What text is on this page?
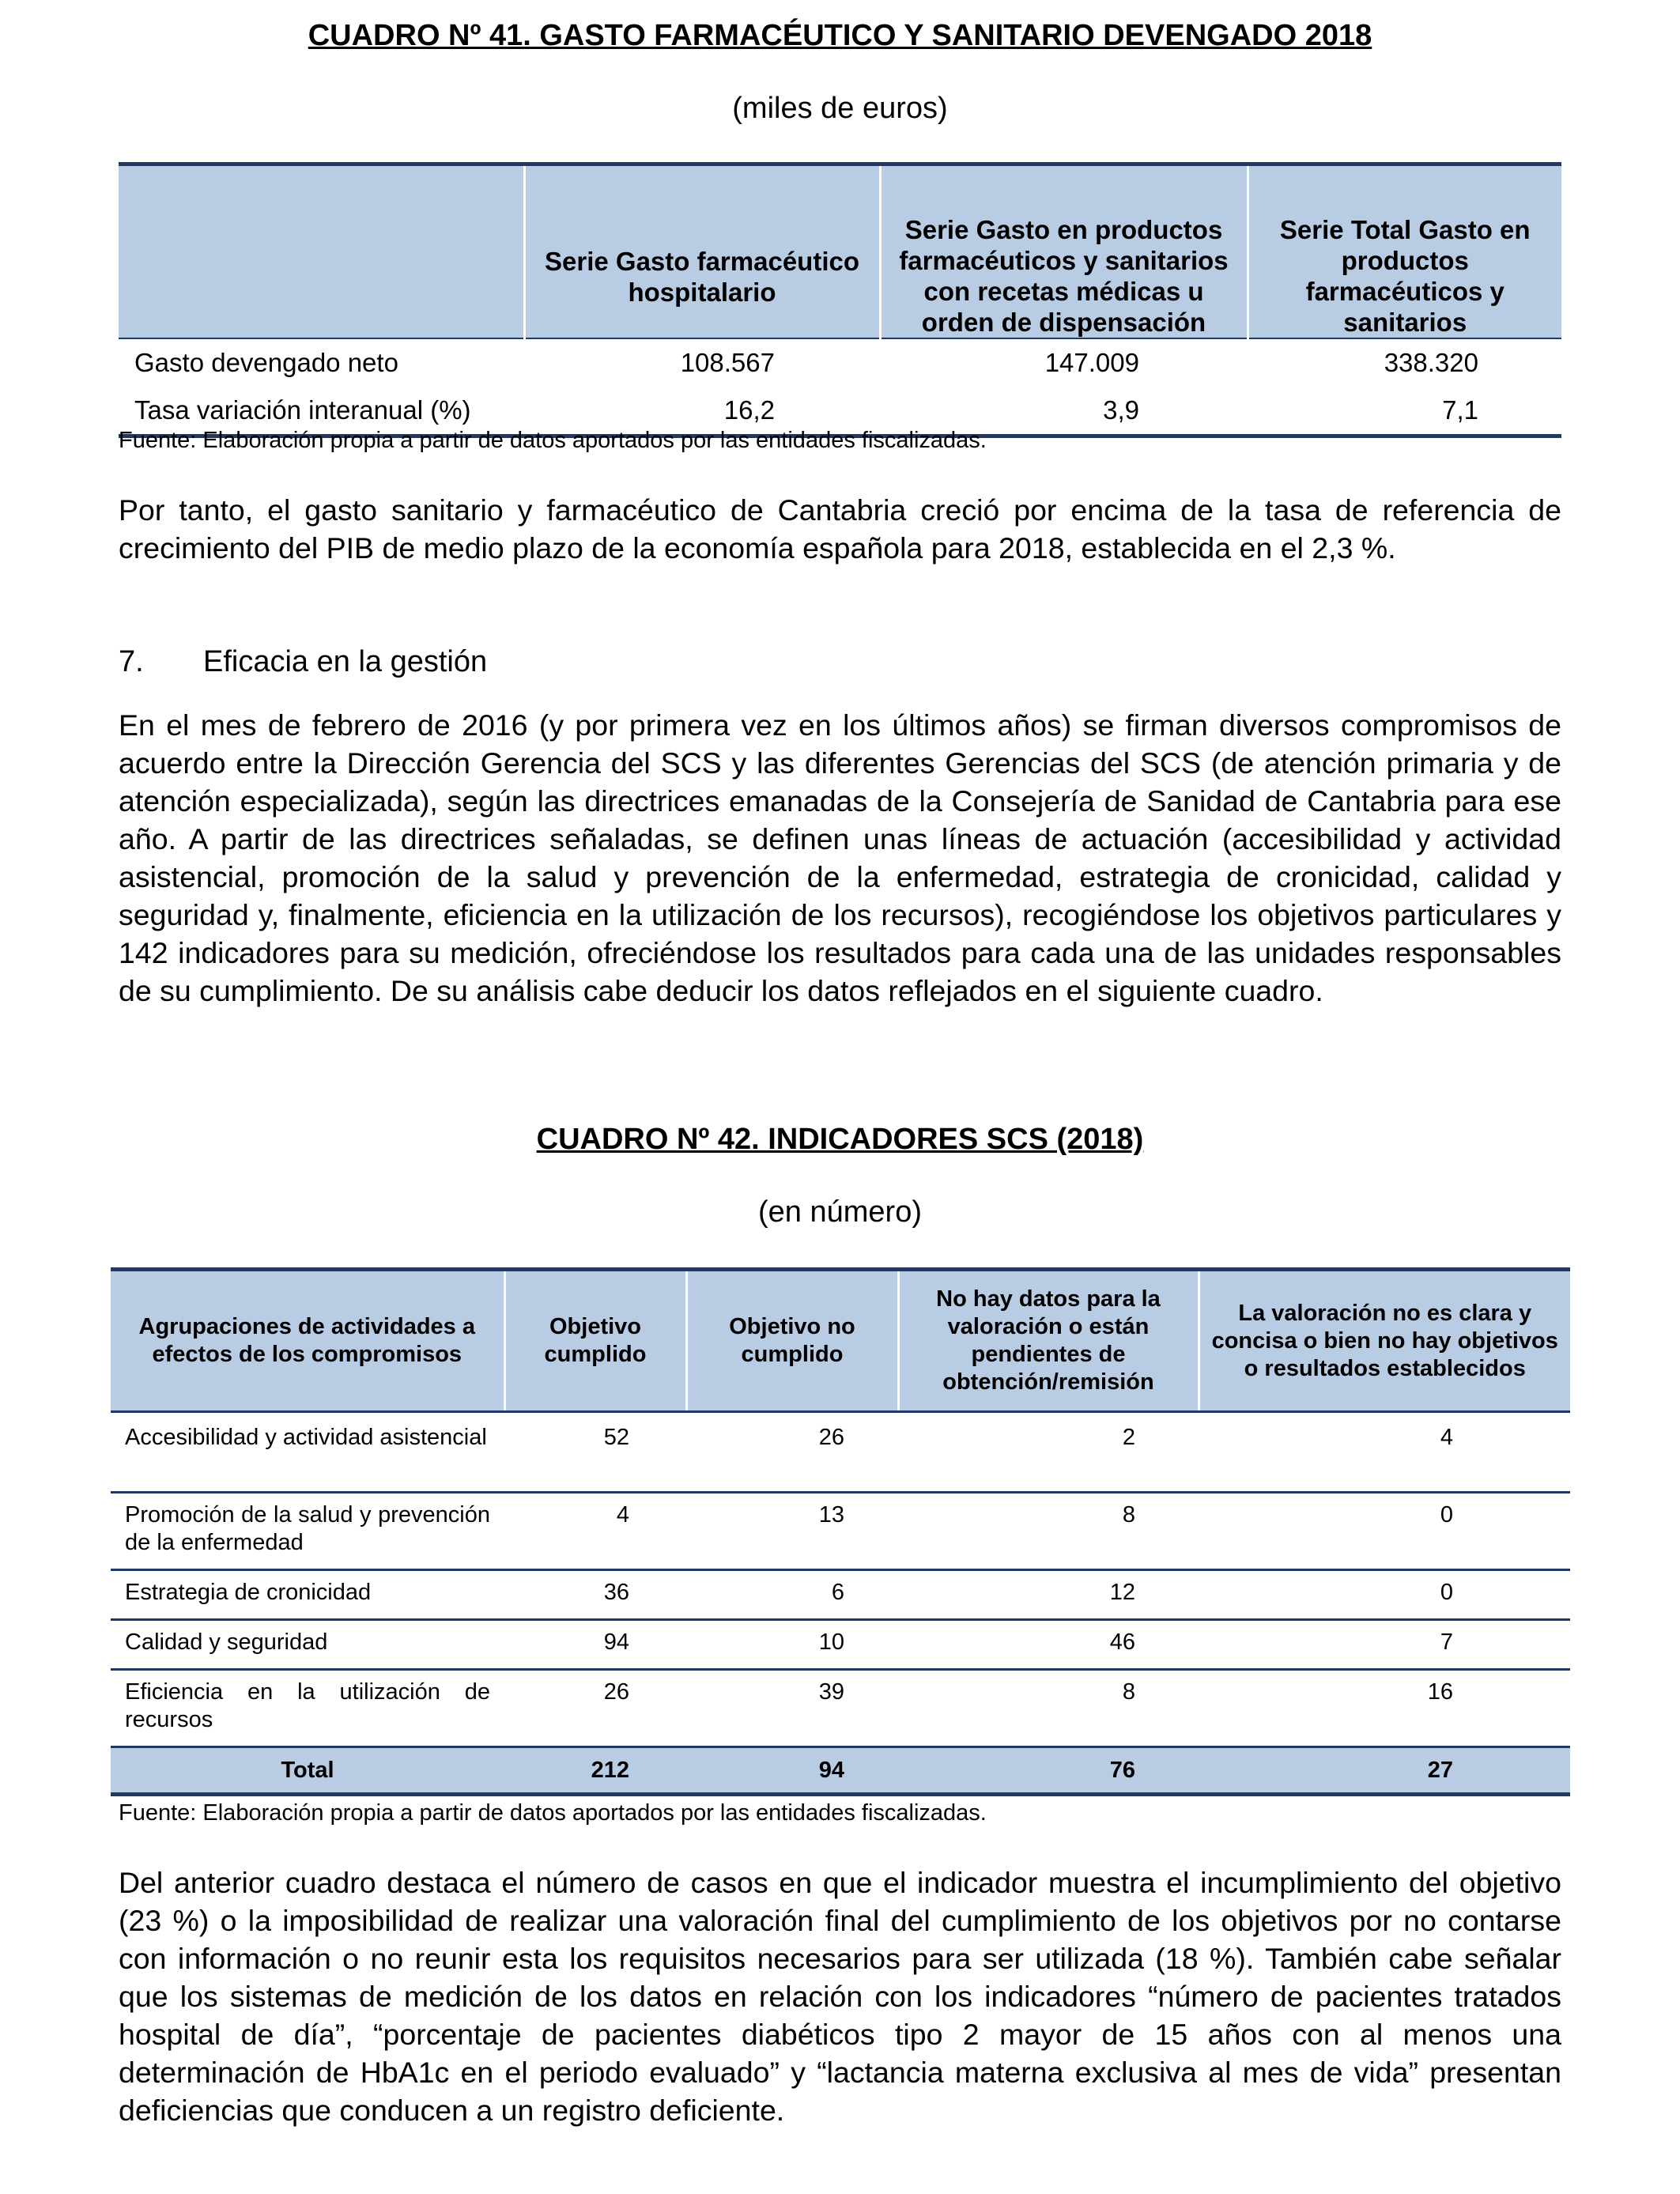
CUADRO Nº 41. GASTO FARMACÉUTICO Y SANITARIO DEVENGADO 2018
(miles de euros)
	Serie Gasto farmacéutico hospitalario	Serie Gasto en productos farmacéuticos y sanitarios con recetas médicas u orden de dispensación	Serie Total Gasto en productos farmacéuticos y sanitarios
Gasto devengado neto	108.567	147.009	338.320
Tasa variación interanual (%)	16,2	3,9	7,1
Fuente: Elaboración propia a partir de datos aportados por las entidades fiscalizadas.

Por tanto, el gasto sanitario y farmacéutico de Cantabria creció por encima de la tasa de referencia de crecimiento del PIB de medio plazo de la economía española para 2018, establecida en el 2,3 %.

7. Eficacia en la gestión

En el mes de febrero de 2016 (y por primera vez en los últimos años) se firman diversos compromisos de acuerdo entre la Dirección Gerencia del SCS y las diferentes Gerencias del SCS (de atención primaria y de atención especializada), según las directrices emanadas de la Consejería de Sanidad de Cantabria para ese año. A partir de las directrices señaladas, se definen unas líneas de actuación (accesibilidad y actividad asistencial, promoción de la salud y prevención de la enfermedad, estrategia de cronicidad, calidad y seguridad y, finalmente, eficiencia en la utilización de los recursos), recogiéndose los objetivos particulares y 142 indicadores para su medición, ofreciéndose los resultados para cada una de las unidades responsables de su cumplimiento. De su análisis cabe deducir los datos reflejados en el siguiente cuadro.

CUADRO Nº 42. INDICADORES SCS (2018)
(en número)
Agrupaciones de actividades a efectos de los compromisos	Objetivo cumplido	Objetivo no cumplido	No hay datos para la valoración o están pendientes de obtención/remisión	La valoración no es clara y concisa o bien no hay objetivos o resultados establecidos
Accesibilidad y actividad asistencial	52	26	2	4
Promoción de la salud y prevención de la enfermedad	4	13	8	0
Estrategia de cronicidad	36	6	12	0
Calidad y seguridad	94	10	46	7
Eficiencia en la utilización de recursos	26	39	8	16
Total	212	94	76	27
Fuente: Elaboración propia a partir de datos aportados por las entidades fiscalizadas.

Del anterior cuadro destaca el número de casos en que el indicador muestra el incumplimiento del objetivo (23 %) o la imposibilidad de realizar una valoración final del cumplimiento de los objetivos por no contarse con información o no reunir esta los requisitos necesarios para ser utilizada (18 %). También cabe señalar que los sistemas de medición de los datos en relación con los indicadores “número de pacientes tratados hospital de día”, “porcentaje de pacientes diabéticos tipo 2 mayor de 15 años con al menos una determinación de HbA1c en el periodo evaluado” y “lactancia materna exclusiva al mes de vida” presentan deficiencias que conducen a un registro deficiente.
